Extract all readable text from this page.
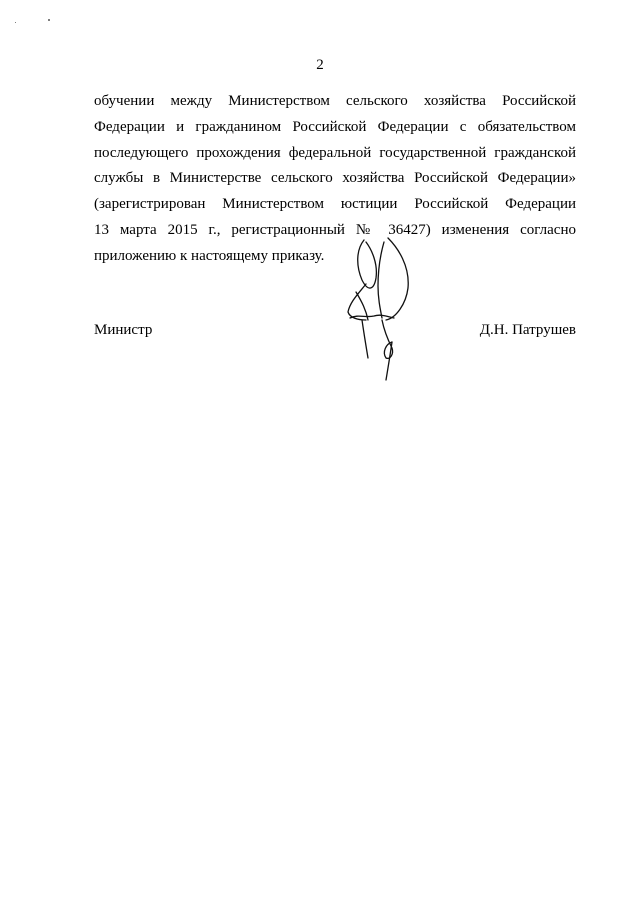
2
обучении между Министерством сельского хозяйства Российской
Федерации и гражданином Российской Федерации с обязательством
последующего прохождения федеральной государственной гражданской
службы в Министерстве сельского хозяйства Российской Федерации»
(зарегистрирован Министерством юстиции Российской Федерации
13 марта 2015 г., регистрационный № 36427) изменения согласно
приложению к настоящему приказу.
Министр	Д.Н. Патрушев
